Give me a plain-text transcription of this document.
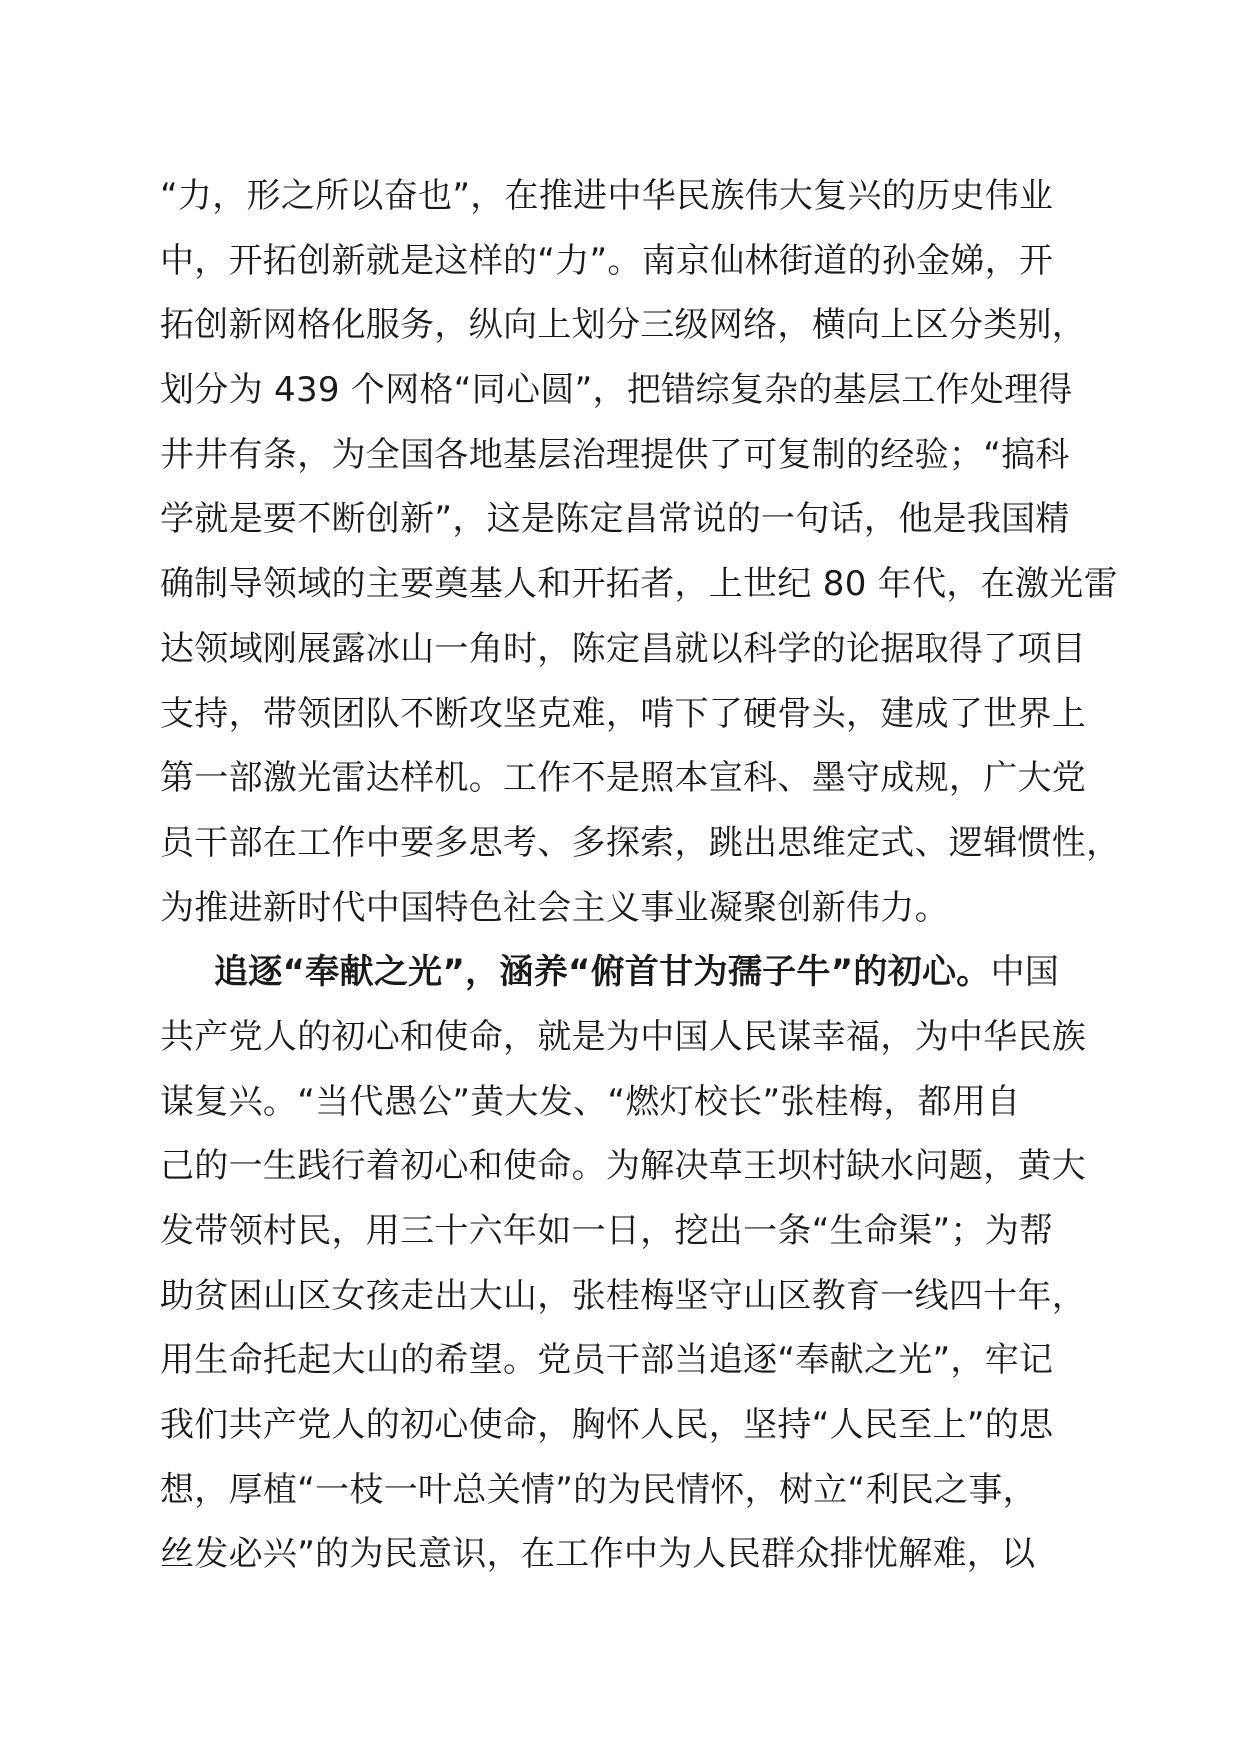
“力，形之所以奋也”，在推进中华民族伟大复兴的历史伟业
中，开拓创新就是这样的“力”。南京仙林街道的孙金娣，开
拓创新网格化服务，纵向上划分三级网络，横向上区分类别，
划分为 439 个网格“同心圆”，把错综复杂的基层工作处理得
井井有条，为全国各地基层治理提供了可复制的经验；“搞科
学就是要不断创新”，这是陈定昌常说的一句话，他是我国精
确制导领域的主要奠基人和开拓者，上世纪 80 年代，在激光雷
达领域刚展露冰山一角时，陈定昌就以科学的论据取得了项目
支持，带领团队不断攻坚克难，啃下了硬骨头，建成了世界上
第一部激光雷达样机。工作不是照本宣科、墨守成规，广大党
员干部在工作中要多思考、多探索，跳出思维定式、逻辑惯性，
为推进新时代中国特色社会主义事业凝聚创新伟力。
追逐“奉献之光”，涵养“俯首甘为孺子牛”的初心。中国
共产党人的初心和使命，就是为中国人民谋幸福，为中华民族
谋复兴。“当代愚公”黄大发、“燃灯校长”张桂梅，都用自
己的一生践行着初心和使命。为解决草王坝村缺水问题，黄大
发带领村民，用三十六年如一日，挖出一条“生命渠”；为帮
助贫困山区女孩走出大山，张桂梅坚守山区教育一线四十年，
用生命托起大山的希望。党员干部当追逐“奉献之光”，牢记
我们共产党人的初心使命，胸怀人民，坚持“人民至上”的思
想，厚植“一枝一叶总关情”的为民情怀，树立“利民之事，
丝发必兴”的为民意识，在工作中为人民群众排忧解难，以
